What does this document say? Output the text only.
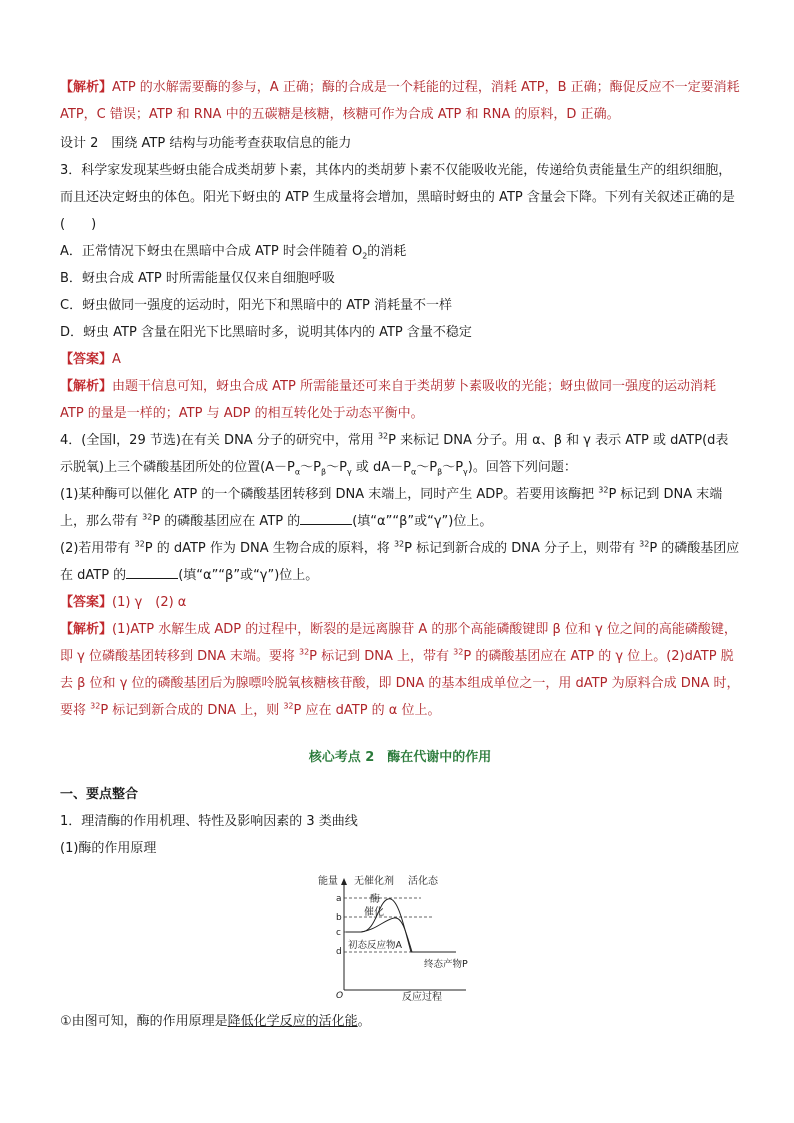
【解析】ATP 的水解需要酶的参与，A 正确；酶的合成是一个耗能的过程，消耗 ATP，B 正确；酶促反应不一定要消耗 ATP，C 错误；ATP 和 RNA 中的五碳糖是核糖，核糖可作为合成 ATP 和 RNA 的原料，D 正确。

设计 2　围绕 ATP 结构与功能考查获取信息的能力

3．科学家发现某些蚜虫能合成类胡萝卜素，其体内的类胡萝卜素不仅能吸收光能，传递给负责能量生产的组织细胞，而且还决定蚜虫的体色。阳光下蚜虫的 ATP 生成量将会增加，黑暗时蚜虫的 ATP 含量会下降。下列有关叙述正确的是(　　)

A．正常情况下蚜虫在黑暗中合成 ATP 时会伴随着 $O_2$的消耗

B．蚜虫合成 ATP 时所需能量仅仅来自细胞呼吸

C．蚜虫做同一强度的运动时，阳光下和黑暗中的 ATP 消耗量不一样

D．蚜虫 ATP 含量在阳光下比黑暗时多，说明其体内的 ATP 含量不稳定

【答案】A

【解析】由题干信息可知，蚜虫合成 ATP 所需能量还可来自于类胡萝卜素吸收的光能；蚜虫做同一强度的运动消耗 ATP 的量是一样的；ATP 与 ADP 的相互转化处于动态平衡中。

4．(全国Ⅰ，29 节选)在有关 DNA 分子的研究中，常用 $^{32}$P 来标记 DNA 分子。用 α、β 和 γ 表示 ATP 或 dATP(d表示脱氧)上三个磷酸基团所处的位置($A-P_\alpha\sim P_\beta\sim P_\gamma$ 或 $dA-P_\alpha\sim P_\beta\sim P_\gamma$)。回答下列问题：

(1)某种酶可以催化 ATP 的一个磷酸基团转移到 DNA 末端上，同时产生 ADP。若要用该酶把 $^{32}$P 标记到 DNA 末端上，那么带有 $^{32}$P 的磷酸基团应在 ATP 的	(填“α”“β”或“γ”)位上。

(2)若用带有 $^{32}$P 的 dATP 作为 DNA 生物合成的原料，将 $^{32}$P 标记到新合成的 DNA 分子上，则带有 $^{32}$P 的磷酸基团应在 dATP 的	(填“α”“β”或“γ”)位上。

【答案】(1) γ　(2) α

【解析】(1)ATP 水解生成 ADP 的过程中，断裂的是远离腺苷 A 的那个高能磷酸键即 β 位和 γ 位之间的高能磷酸键，即 γ 位磷酸基团转移到 DNA 末端。要将 $^{32}$P 标记到 DNA 上，带有 $^{32}$P 的磷酸基团应在 ATP 的 γ 位上。(2)dATP 脱去 β 位和 γ 位的磷酸基团后为腺嘌呤脱氧核糖核苷酸，即 DNA 的基本组成单位之一，用 dATP 为原料合成 DNA 时，要将 $^{32}$P 标记到新合成的 DNA 上，则 $^{32}$P 应在 dATP 的 α 位上。

核心考点 2　酶在代谢中的作用

一、要点整合

1．理清酶的作用机理、特性及影响因素的 3 类曲线

(1)酶的作用原理

能量 无催化剂 活化态
酶
催化
a
b
c
d
初态反应物A
终态产物P
O	反应过程

①由图可知，酶的作用原理是降低化学反应的活化能。
